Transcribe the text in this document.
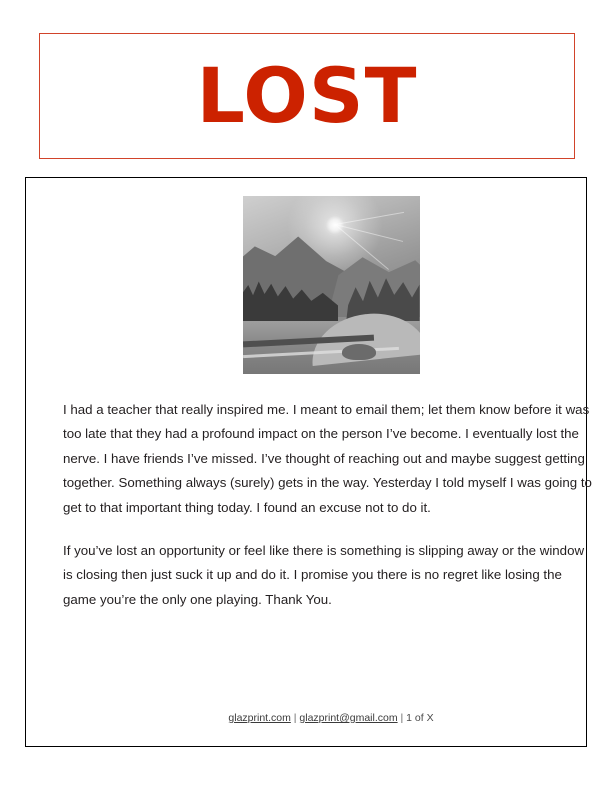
LOST

I had a teacher that really inspired me. I meant to email them; let them know before it was too late that they had a profound impact on the person I’ve become. I eventually lost the nerve. I have friends I’ve missed. I’ve thought of reaching out and maybe suggest getting together. Something always (surely) gets in the way. Yesterday I told myself I was going to get to that important thing today. I found an excuse not to do it.

If you’ve lost an opportunity or feel like there is something is slipping away or the window is closing then just suck it up and do it. I promise you there is no regret like losing the game you’re the only one playing. Thank You.

glazprint.com | glazprint@gmail.com | 1 of X
